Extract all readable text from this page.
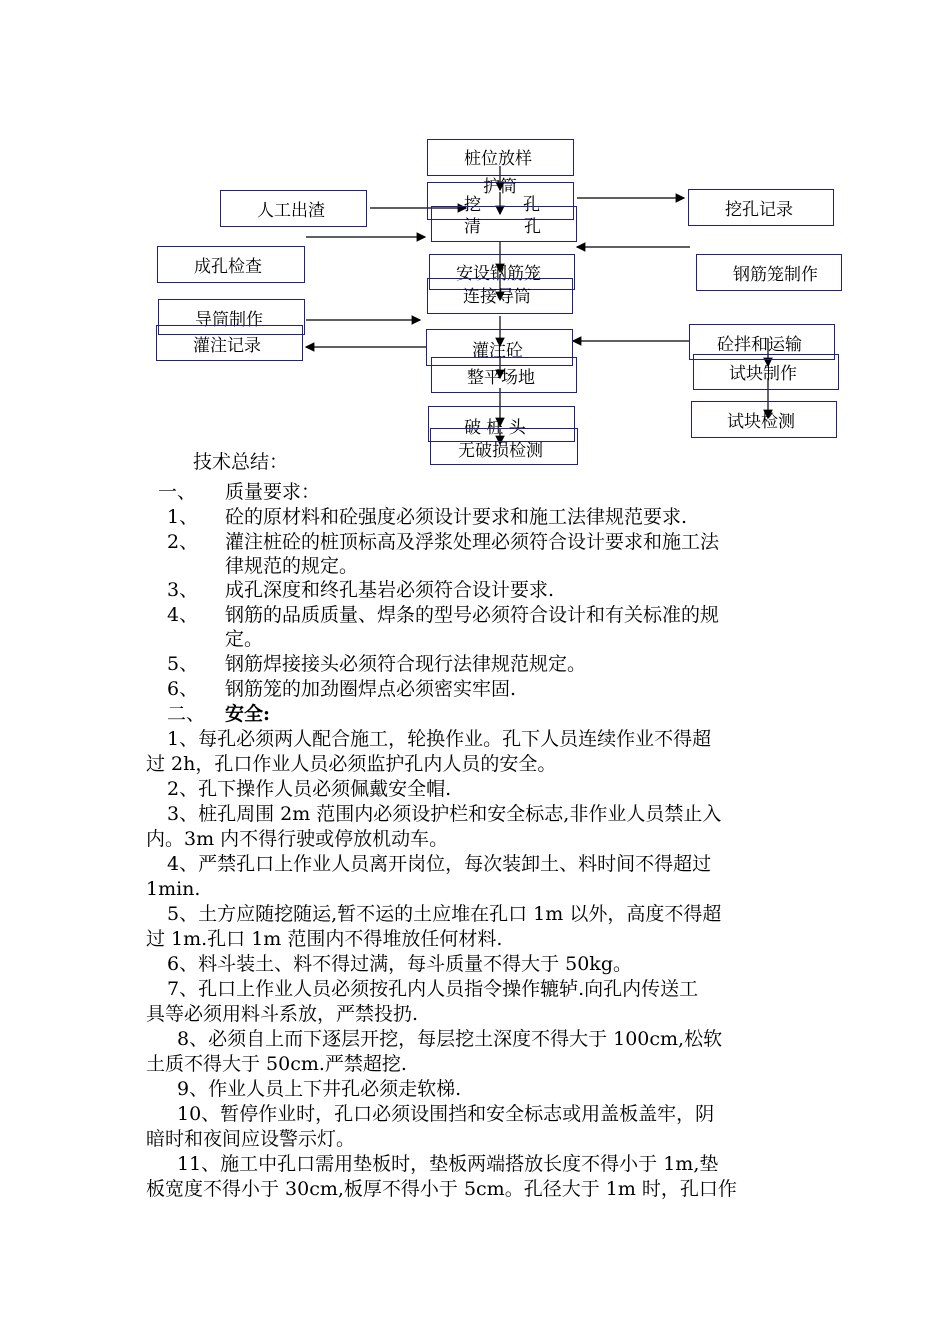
桩位放样
护筒
挖 孔
清	孔
安设钢筋笼
连接导筒
灌注砼
整平场地
破 桩 头
无破损检测
人工出渣
成孔检查
导筒制作
灌注记录
挖孔记录
钢筋笼制作
砼拌和运输
试块制作
试块检测
技术总结：
一、 质量要求：
1、 砼的原材料和砼强度必须设计要求和施工法律规范要求.
2、 灌注桩砼的桩顶标高及浮浆处理必须符合设计要求和施工法
律规范的规定。
3、 成孔深度和终孔基岩必须符合设计要求.
4、 钢筋的品质质量、焊条的型号必须符合设计和有关标准的规
定。
5、 钢筋焊接接头必须符合现行法律规范规定。
6、 钢筋笼的加劲圈焊点必须密实牢固.
二、 安全:
1、每孔必须两人配合施工，轮换作业。孔下人员连续作业不得超
过 2h，孔口作业人员必须监护孔内人员的安全。
2、孔下操作人员必须佩戴安全帽.
3、桩孔周围 2m 范围内必须设护栏和安全标志,非作业人员禁止入
内。3m 内不得行驶或停放机动车。
4、严禁孔口上作业人员离开岗位，每次装卸土、料时间不得超过
1min.
5、土方应随挖随运,暂不运的土应堆在孔口 1m 以外，高度不得超
过 1m.孔口 1m 范围内不得堆放任何材料.
6、料斗装土、料不得过满，每斗质量不得大于 50kg。
7、孔口上作业人员必须按孔内人员指令操作辘轳.向孔内传送工
具等必须用料斗系放，严禁投扔.
8、必须自上而下逐层开挖，每层挖土深度不得大于 100cm,松软
土质不得大于 50cm.严禁超挖.
9、作业人员上下井孔必须走软梯.
10、暂停作业时，孔口必须设围挡和安全标志或用盖板盖牢，阴
暗时和夜间应设警示灯。
11、施工中孔口需用垫板时，垫板两端搭放长度不得小于 1m,垫
板宽度不得小于 30cm,板厚不得小于 5cm。孔径大于 1m 时，孔口作
